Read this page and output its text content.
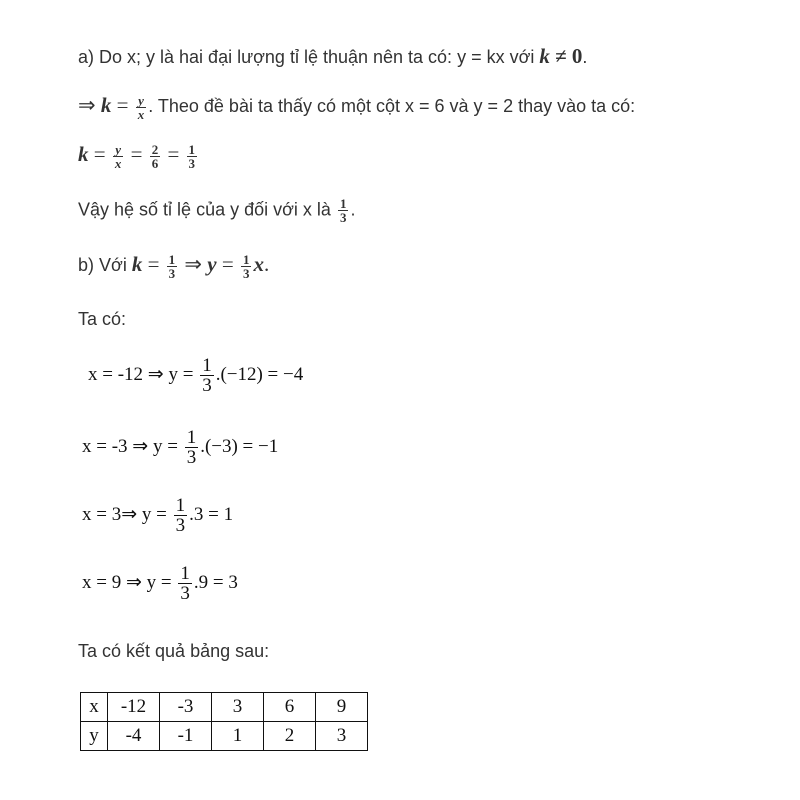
a) Do x; y là hai đại lượng tỉ lệ thuận nên ta có: y = kx với k ≠ 0.
⇒ $k = \frac{y}{x}$ . Theo đề bài ta thấy có một cột x = 6 và y = 2 thay vào ta có:
$k = \frac{y}{x} = \frac{2}{6} = \frac{1}{3}$
Vậy hệ số tỉ lệ của y đối với x là $\frac{1}{3}$ .
b) Với $k = \frac{1}{3}$ ⇒ $y = \frac{1}{3} x$.
Ta có:
x = -12 ⇒ $y = \frac{1}{3} .(-12) = -4$
x = -3 ⇒ $y = \frac{1}{3} .(-3) = -1$
x = 3⇒ $y = \frac{1}{3} .3 = 1$
x = 9 ⇒ $y = \frac{1}{3} .9 = 3$
Ta có kết quả bảng sau:
x	-12	-3	3	6	9
y	-4	-1	1	2	3
